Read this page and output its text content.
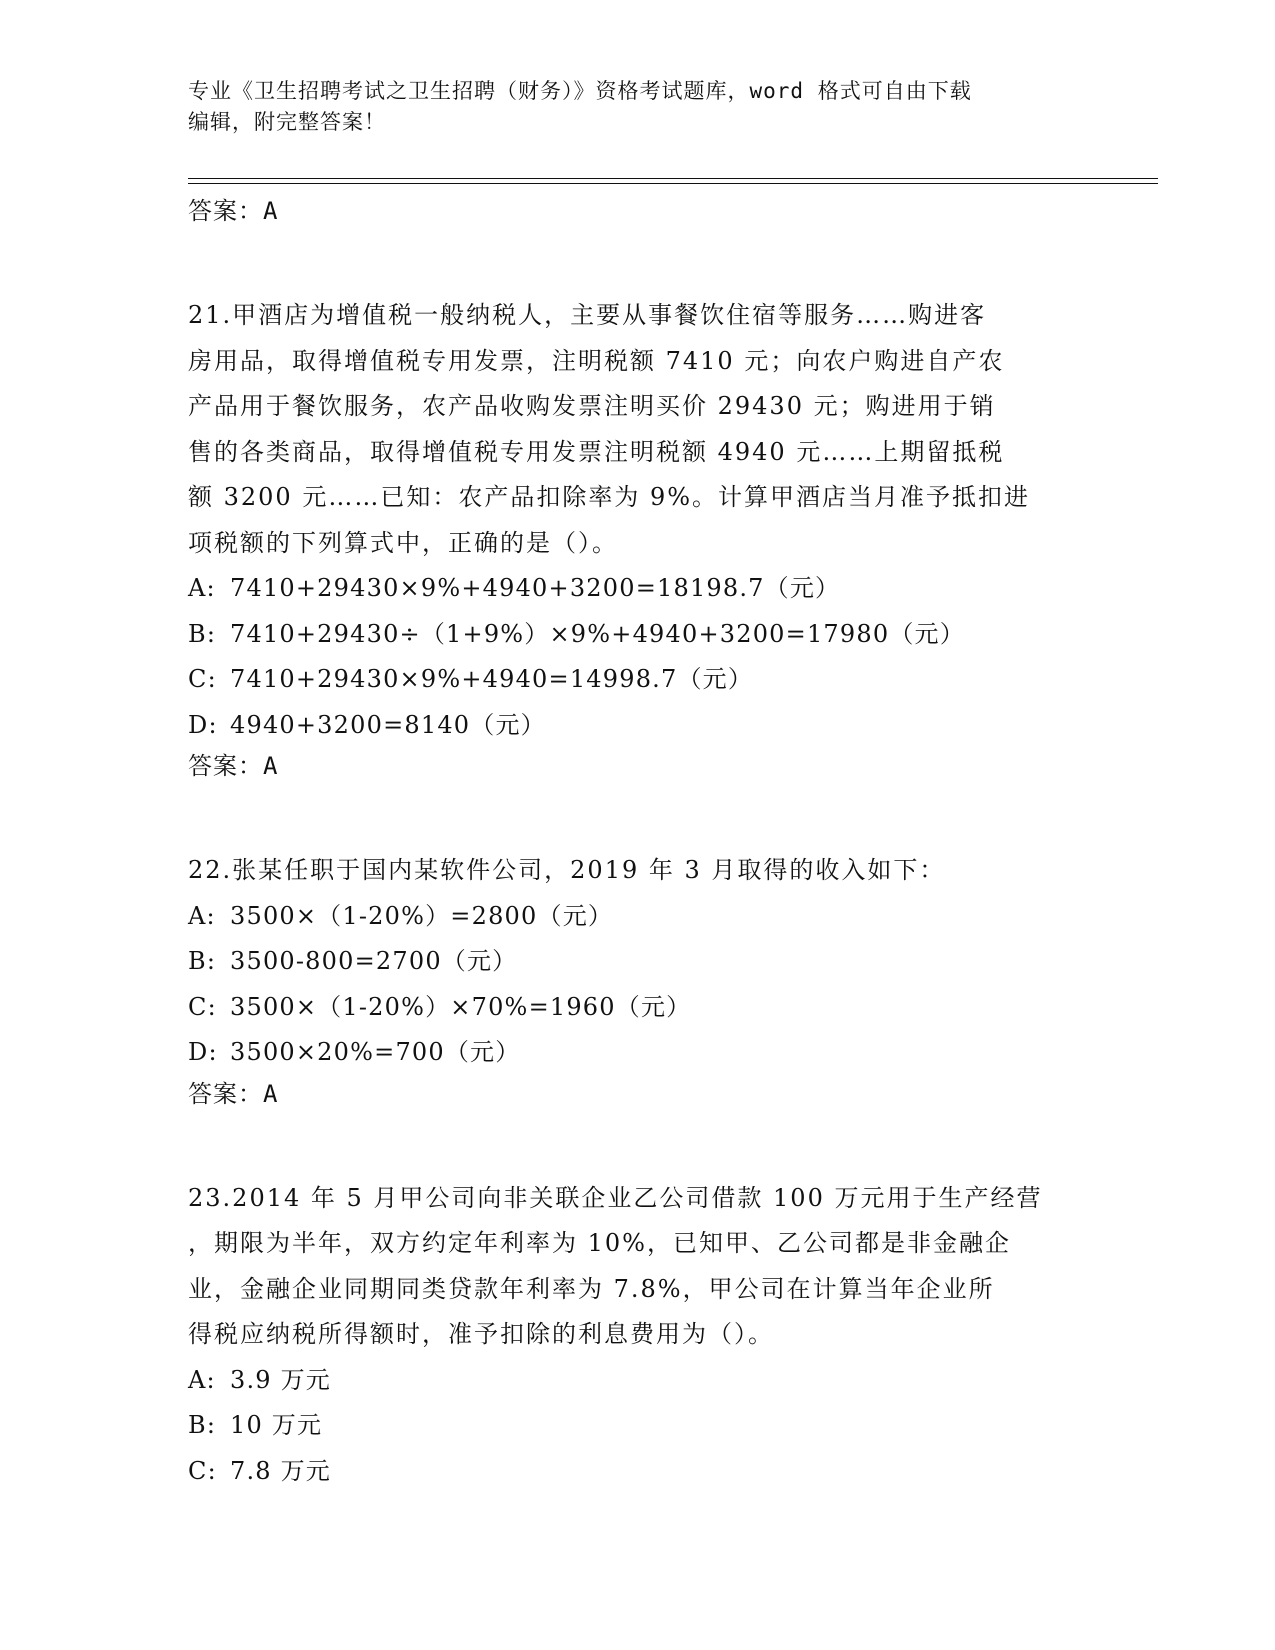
专业《卫生招聘考试之卫生招聘（财务）》资格考试题库，word 格式可自由下载
编辑，附完整答案！
答案：A
21.甲酒店为增值税一般纳税人，主要从事餐饮住宿等服务……购进客
房用品，取得增值税专用发票，注明税额 7410 元；向农户购进自产农
产品用于餐饮服务，农产品收购发票注明买价 29430 元；购进用于销
售的各类商品，取得增值税专用发票注明税额 4940 元……上期留抵税
额 3200 元……已知：农产品扣除率为 9%。计算甲酒店当月准予抵扣进
项税额的下列算式中，正确的是（）。
A: 7410+29430×9%+4940+3200=18198.7（元）
B: 7410+29430÷（1+9%）×9%+4940+3200=17980（元）
C: 7410+29430×9%+4940=14998.7（元）
D: 4940+3200=8140（元）
答案：A
22.张某任职于国内某软件公司，2019 年 3 月取得的收入如下：
A: 3500×（1-20%）=2800（元）
B: 3500-800=2700（元）
C: 3500×（1-20%）×70%=1960（元）
D: 3500×20%=700（元）
答案：A
23.2014 年 5 月甲公司向非关联企业乙公司借款 100 万元用于生产经营
，期限为半年，双方约定年利率为 10%，已知甲、乙公司都是非金融企
业，金融企业同期同类贷款年利率为 7.8%，甲公司在计算当年企业所
得税应纳税所得额时，准予扣除的利息费用为（）。
A: 3.9 万元
B: 10 万元
C: 7.8 万元
